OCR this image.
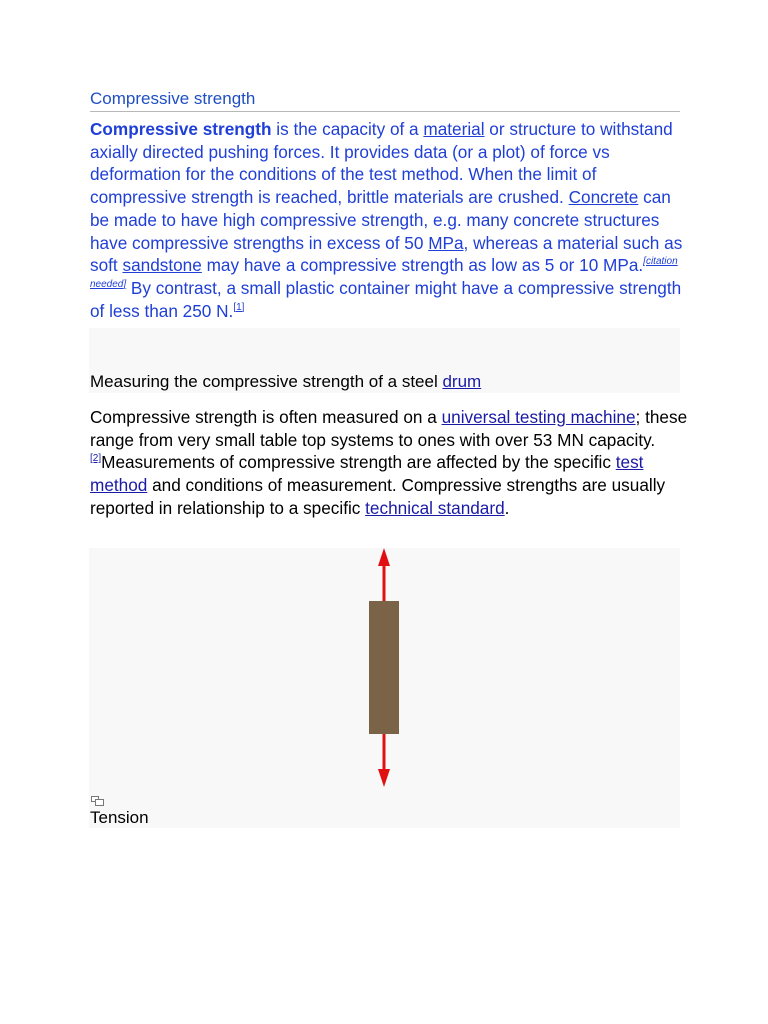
Compressive strength
Compressive strength is the capacity of a material or structure to withstand axially directed pushing forces. It provides data (or a plot) of force vs deformation for the conditions of the test method. When the limit of compressive strength is reached, brittle materials are crushed. Concrete can be made to have high compressive strength, e.g. many concrete structures have compressive strengths in excess of 50 MPa, whereas a material such as soft sandstone may have a compressive strength as low as 5 or 10 MPa.[citation needed] By contrast, a small plastic container might have a compressive strength of less than 250 N.[1]
Measuring the compressive strength of a steel drum
Compressive strength is often measured on a universal testing machine; these range from very small table top systems to ones with over 53 MN capacity.[2]Measurements of compressive strength are affected by the specific test method and conditions of measurement. Compressive strengths are usually reported in relationship to a specific technical standard.
Tension
